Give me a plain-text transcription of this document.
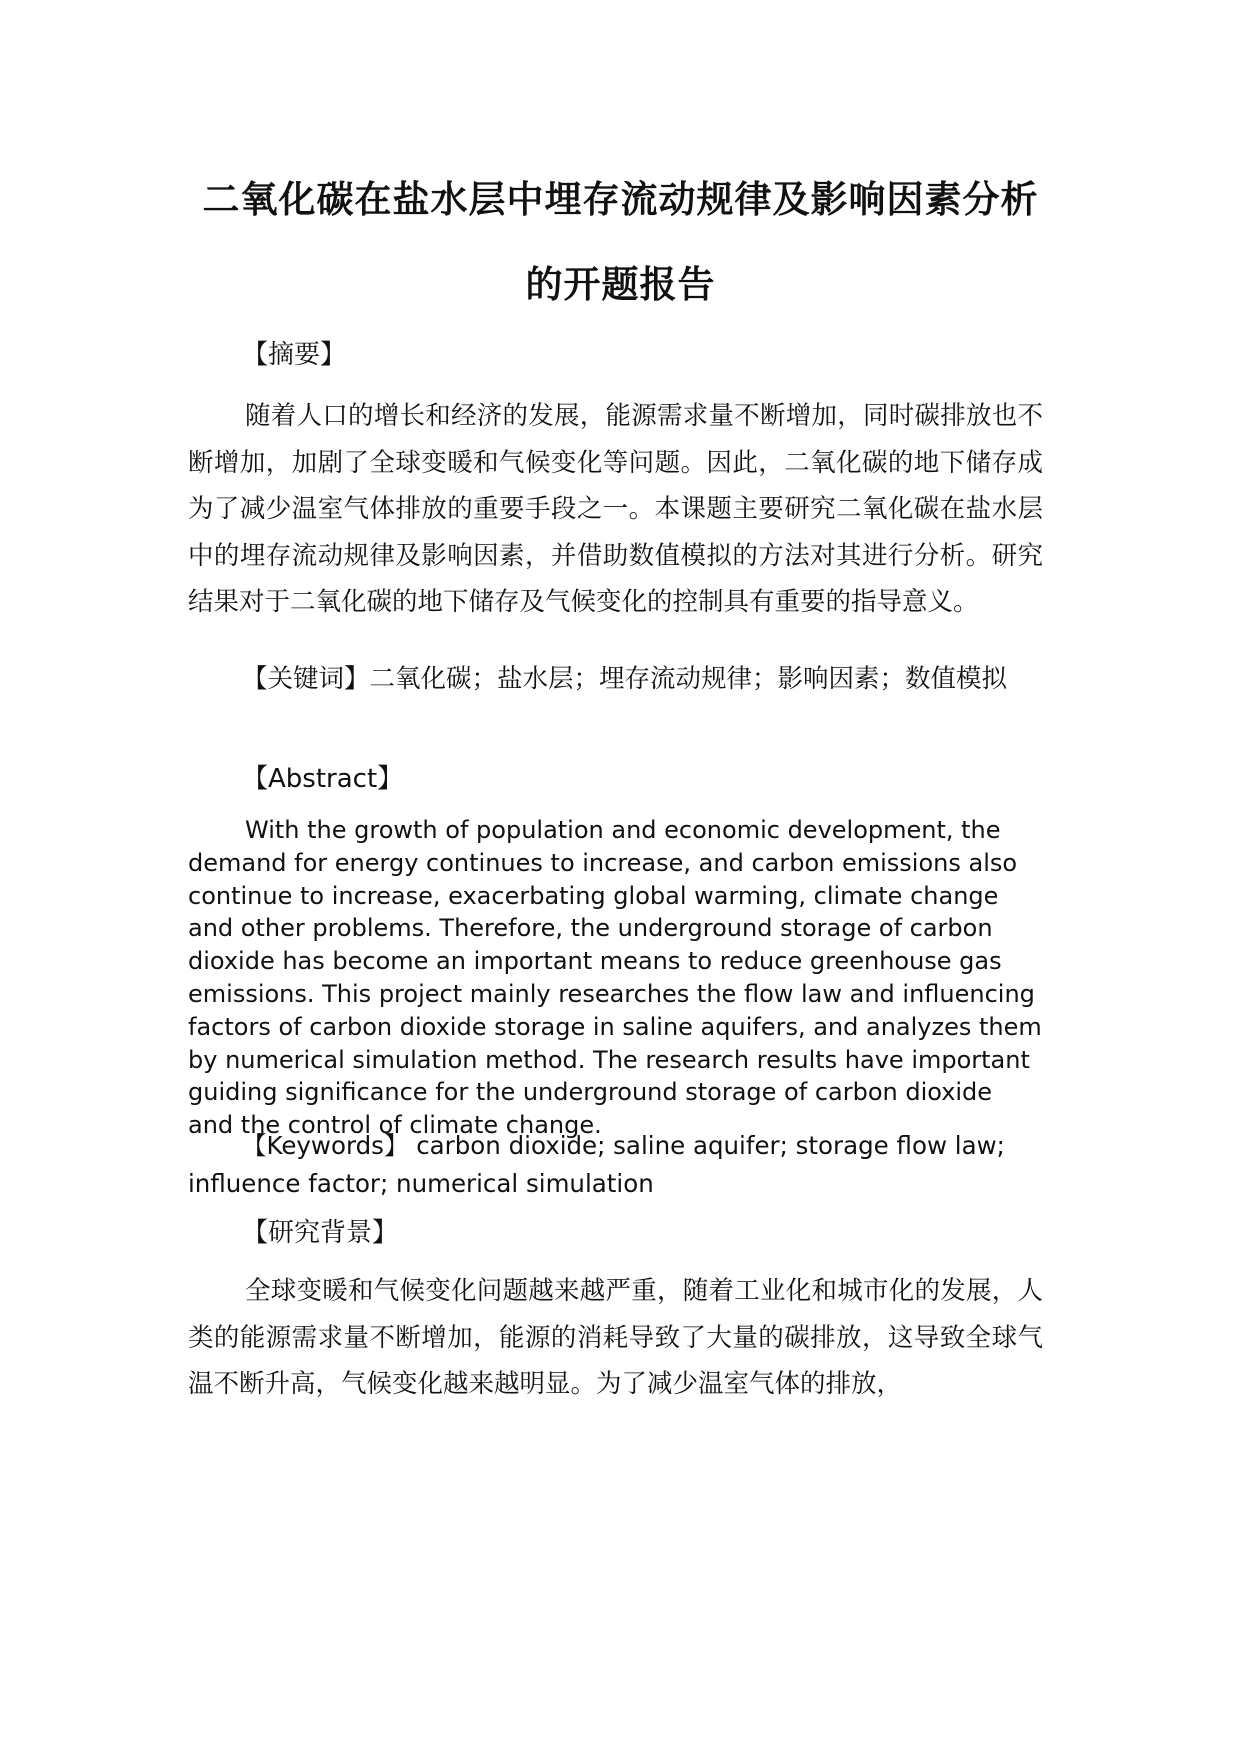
二氧化碳在盐水层中埋存流动规律及影响因素分析
的开题报告

【摘要】

随着人口的增长和经济的发展，能源需求量不断增加，同时碳排放也不断增加，加剧了全球变暖和气候变化等问题。因此，二氧化碳的地下储存成为了减少温室气体排放的重要手段之一。本课题主要研究二氧化碳在盐水层中的埋存流动规律及影响因素，并借助数值模拟的方法对其进行分析。研究结果对于二氧化碳的地下储存及气候变化的控制具有重要的指导意义。

【关键词】二氧化碳；盐水层；埋存流动规律；影响因素；数值模拟

【Abstract】

With the growth of population and economic development, the demand for energy continues to increase, and carbon emissions also continue to increase, exacerbating global warming, climate change and other problems. Therefore, the underground storage of carbon dioxide has become an important means to reduce greenhouse gas emissions. This project mainly researches the flow law and influencing factors of carbon dioxide storage in saline aquifers, and analyzes them by numerical simulation method. The research results have important guiding significance for the underground storage of carbon dioxide and the control of climate change.

【Keywords】 carbon dioxide; saline aquifer; storage flow law; influence factor; numerical simulation

【研究背景】

全球变暖和气候变化问题越来越严重，随着工业化和城市化的发展，人类的能源需求量不断增加，能源的消耗导致了大量的碳排放，这导致全球气温不断升高，气候变化越来越明显。为了减少温室气体的排放，
